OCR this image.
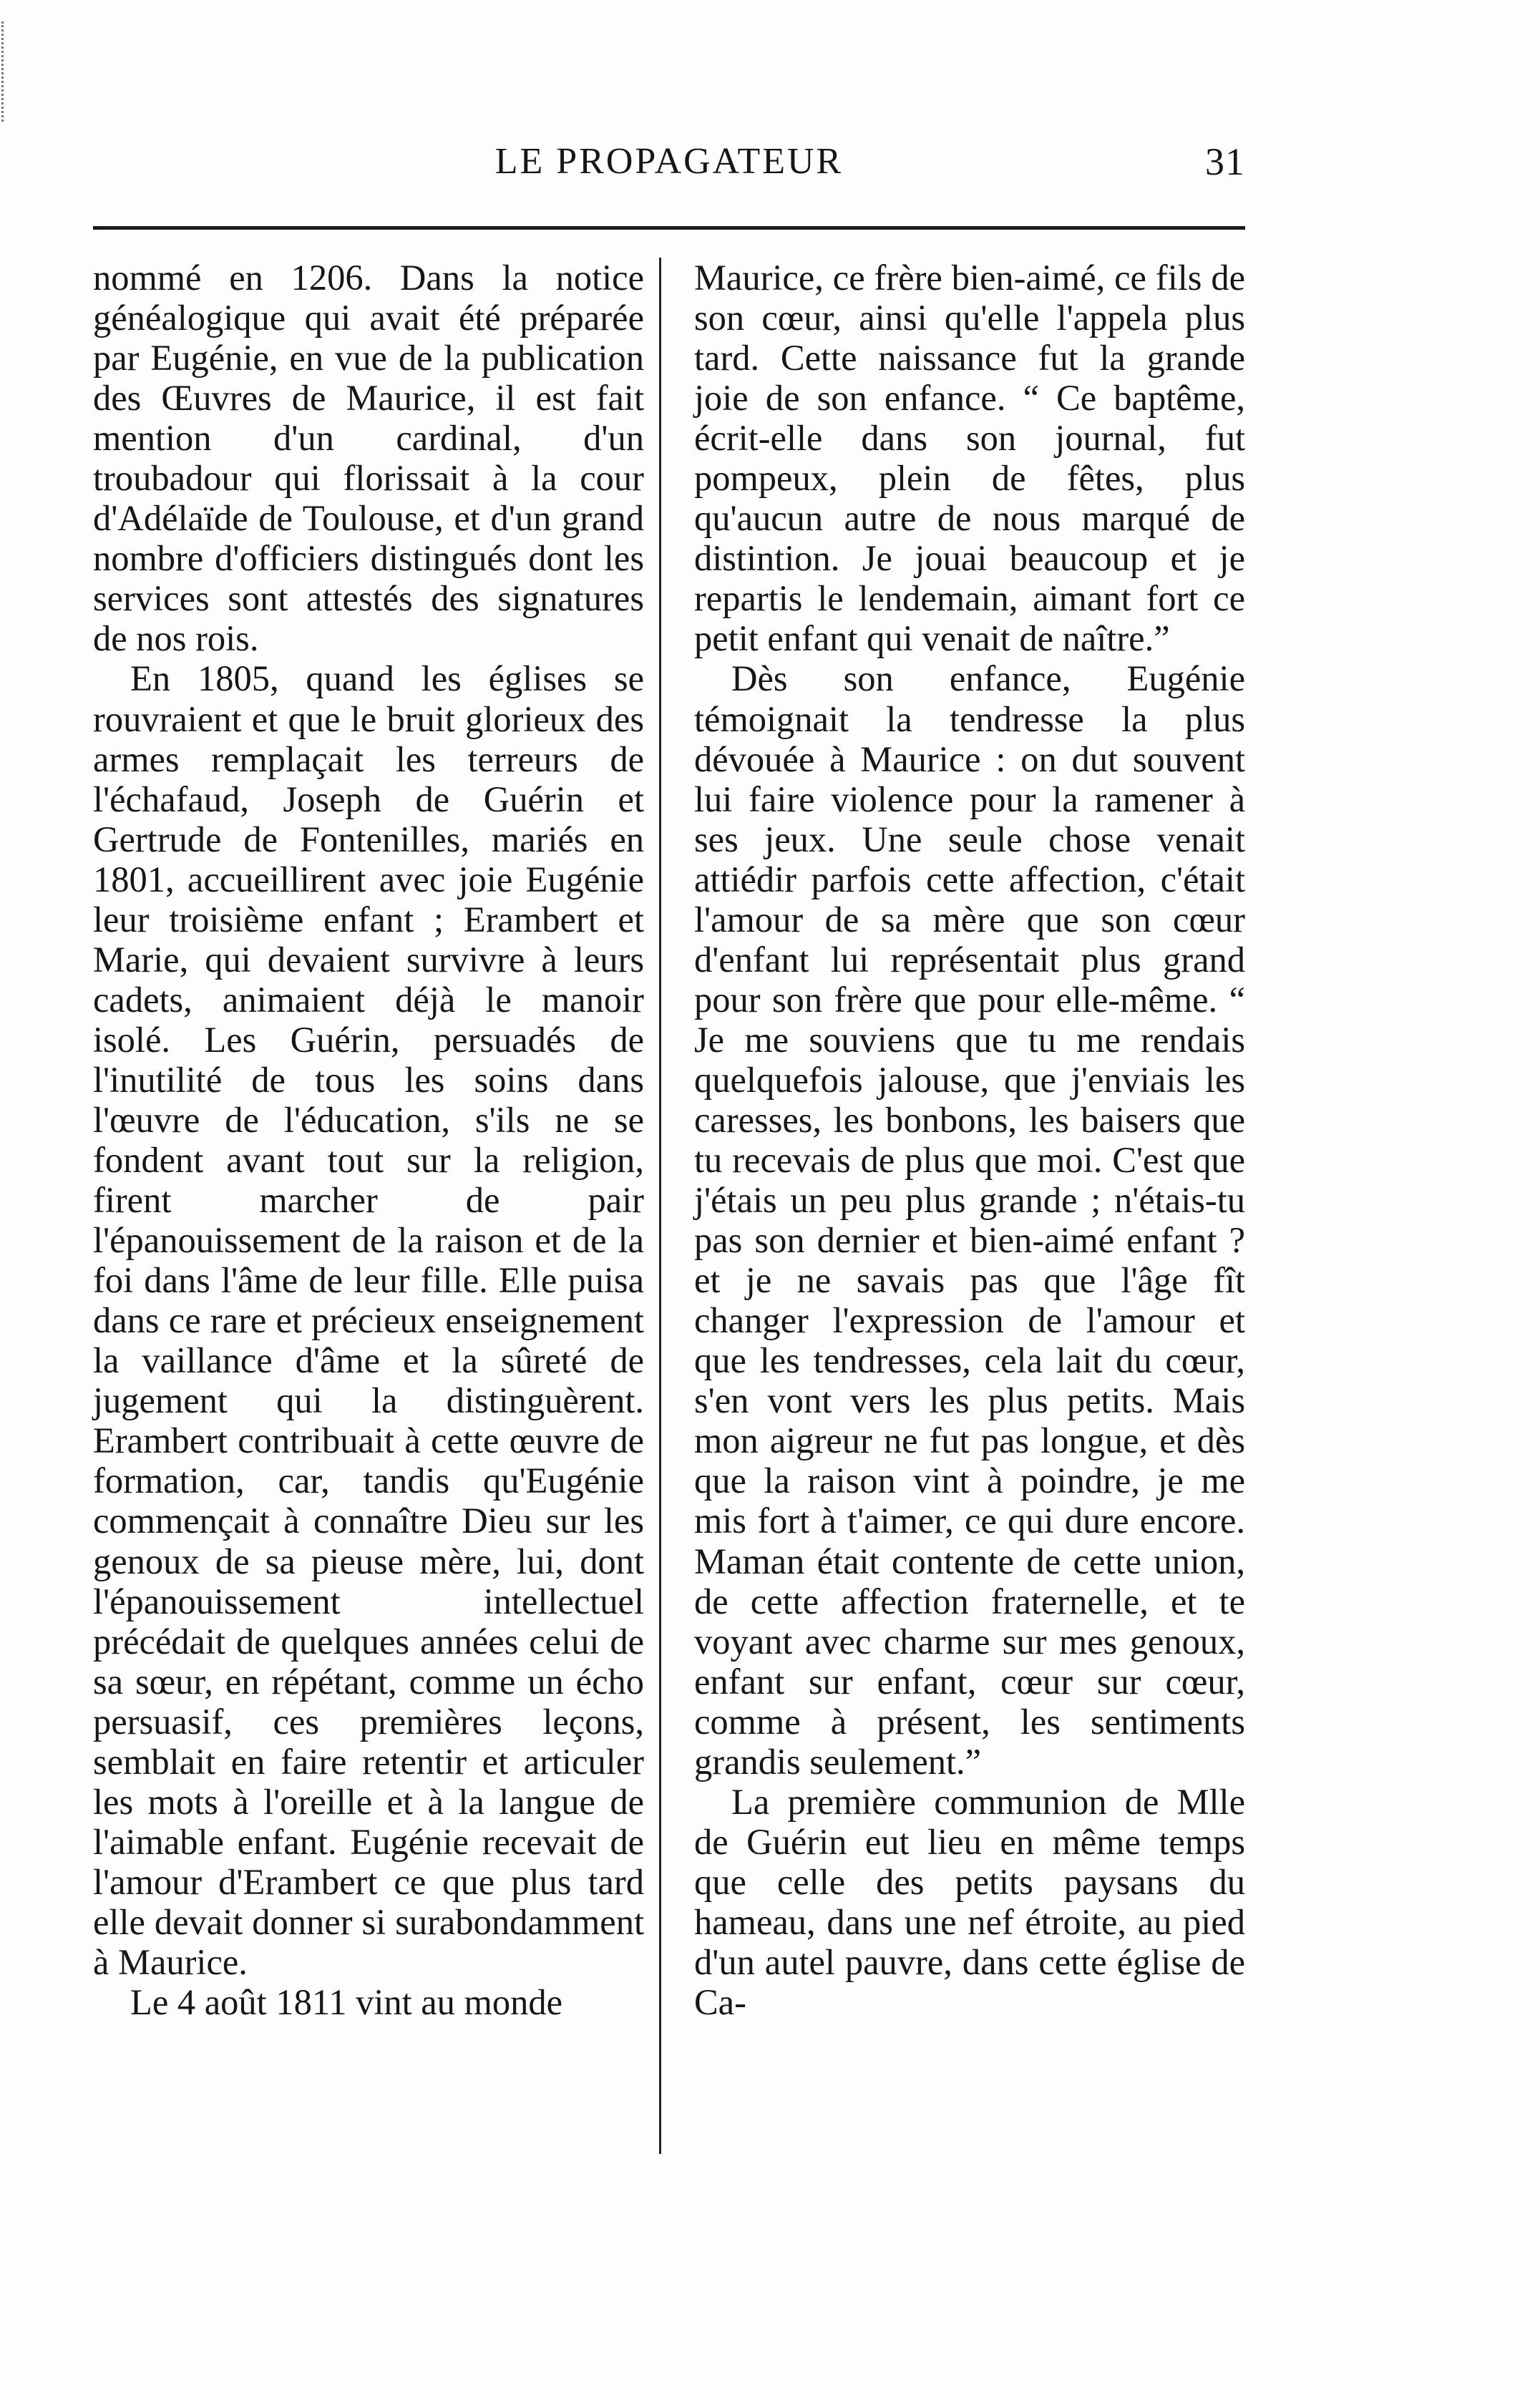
LE PROPAGATEUR	31

nommé en 1206. Dans la notice généalogique qui avait été préparée par Eugénie, en vue de la publication des Œuvres de Maurice, il est fait mention d'un cardinal, d'un troubadour qui florissait à la cour d'Adélaïde de Toulouse, et d'un grand nombre d'officiers distingués dont les services sont attestés des signatures de nos rois.

En 1805, quand les églises se rouvraient et que le bruit glorieux des armes remplaçait les terreurs de l'échafaud, Joseph de Guérin et Gertrude de Fontenilles, mariés en 1801, accueillirent avec joie Eugénie leur troisième enfant ; Erambert et Marie, qui devaient survivre à leurs cadets, animaient déjà le manoir isolé. Les Guérin, persuadés de l'inutilité de tous les soins dans l'œuvre de l'éducation, s'ils ne se fondent avant tout sur la religion, firent marcher de pair l'épanouissement de la raison et de la foi dans l'âme de leur fille. Elle puisa dans ce rare et précieux enseignement la vaillance d'âme et la sûreté de jugement qui la distinguèrent. Erambert contribuait à cette œuvre de formation, car, tandis qu'Eugénie commençait à connaître Dieu sur les genoux de sa pieuse mère, lui, dont l'épanouissement intellectuel précédait de quelques années celui de sa sœur, en répétant, comme un écho persuasif, ces premières leçons, semblait en faire retentir et articuler les mots à l'oreille et à la langue de l'aimable enfant. Eugénie recevait de l'amour d'Erambert ce que plus tard elle devait donner si surabondamment à Maurice.

Le 4 août 1811 vint au monde

Maurice, ce frère bien-aimé, ce fils de son cœur, ainsi qu'elle l'appela plus tard. Cette naissance fut la grande joie de son enfance. “ Ce baptême, écrit-elle dans son journal, fut pompeux, plein de fêtes, plus qu'aucun autre de nous marqué de distintion. Je jouai beaucoup et je repartis le lendemain, aimant fort ce petit enfant qui venait de naître.”

Dès son enfance, Eugénie témoignait la tendresse la plus dévouée à Maurice : on dut souvent lui faire violence pour la ramener à ses jeux. Une seule chose venait attiédir parfois cette affection, c'était l'amour de sa mère que son cœur d'enfant lui représentait plus grand pour son frère que pour elle-même. “ Je me souviens que tu me rendais quelquefois jalouse, que j'enviais les caresses, les bonbons, les baisers que tu recevais de plus que moi. C'est que j'étais un peu plus grande ; n'étais-tu pas son dernier et bien-aimé enfant ? et je ne savais pas que l'âge fît changer l'expression de l'amour et que les tendresses, cela lait du cœur, s'en vont vers les plus petits. Mais mon aigreur ne fut pas longue, et dès que la raison vint à poindre, je me mis fort à t'aimer, ce qui dure encore. Maman était contente de cette union, de cette affection fraternelle, et te voyant avec charme sur mes genoux, enfant sur enfant, cœur sur cœur, comme à présent, les sentiments grandis seulement.”

La première communion de Mlle de Guérin eut lieu en même temps que celle des petits paysans du hameau, dans une nef étroite, au pied d'un autel pauvre, dans cette église de Ca-
